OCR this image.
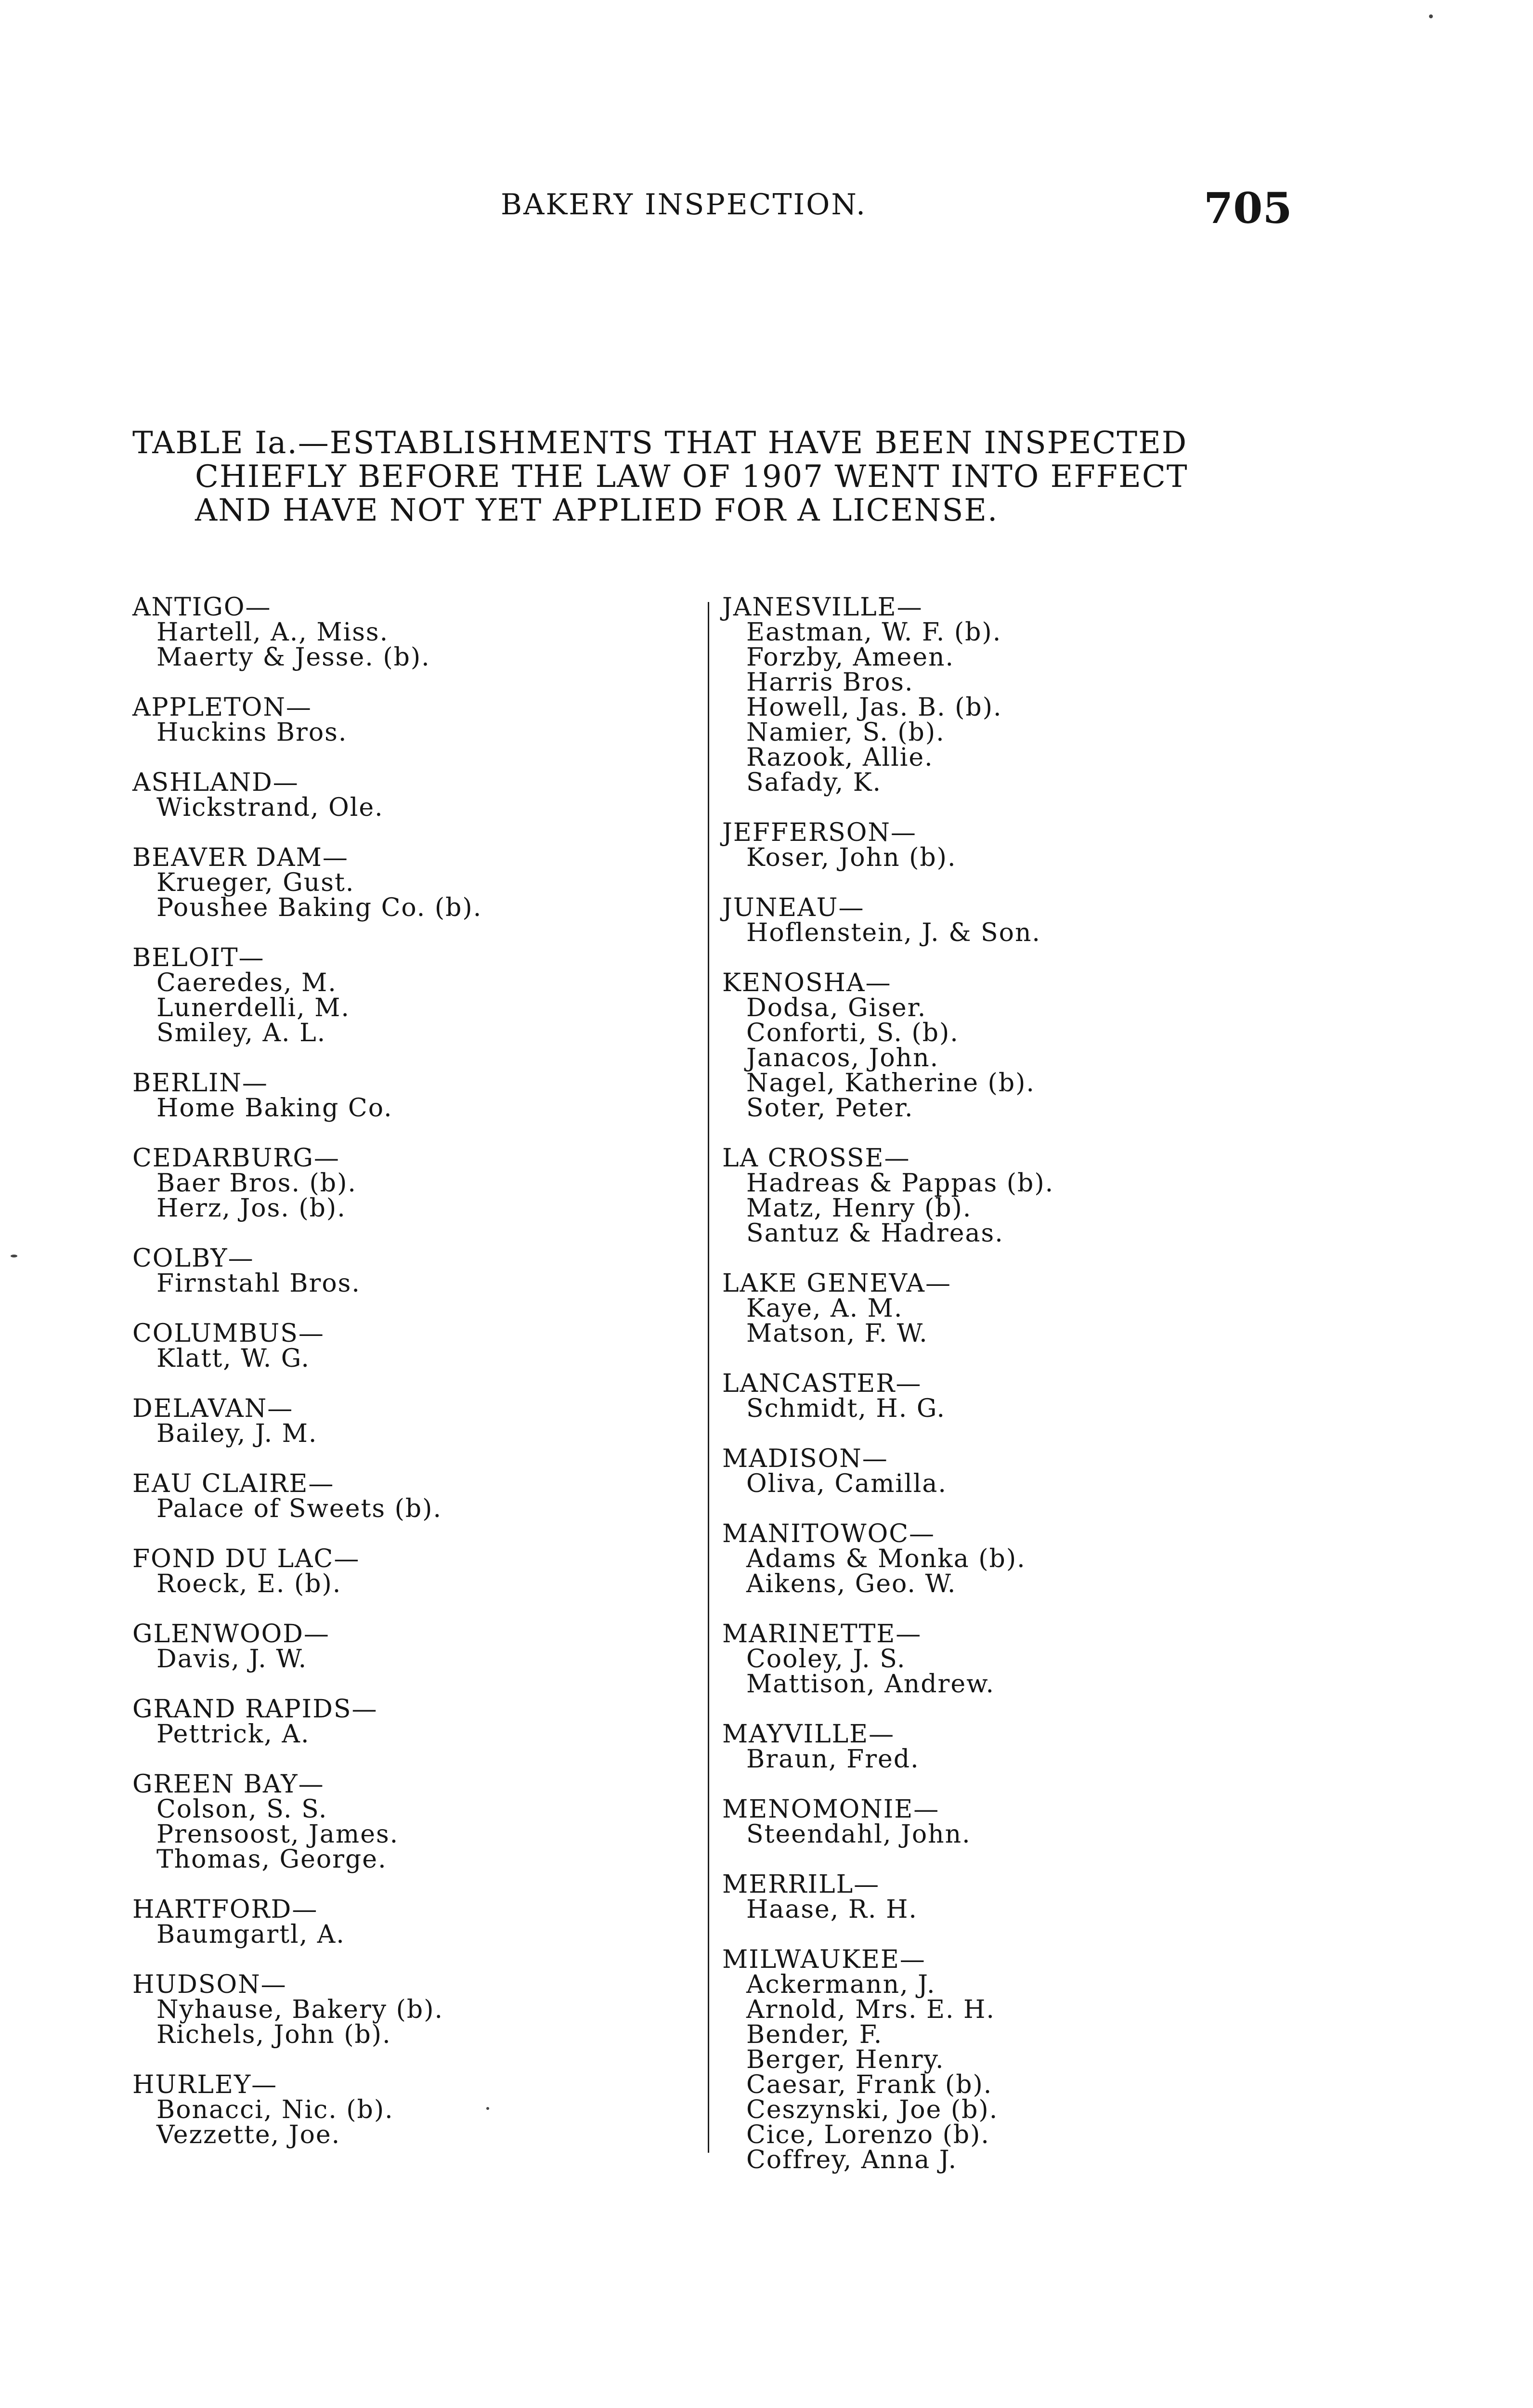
BAKERY INSPECTION.	705
TABLE Ia.—ESTABLISHMENTS THAT HAVE BEEN INSPECTED
CHIEFLY BEFORE THE LAW OF 1907 WENT INTO EFFECT
AND HAVE NOT YET APPLIED FOR A LICENSE.
ANTIGO—
Hartell, A., Miss.
Maerty & Jesse. (b).
APPLETON—
Huckins Bros.
ASHLAND—
Wickstrand, Ole.
BEAVER DAM—
Krueger, Gust.
Poushee Baking Co. (b).
BELOIT—
Caeredes, M.
Lunerdelli, M.
Smiley, A. L.
BERLIN—
Home Baking Co.
CEDARBURG—
Baer Bros. (b).
Herz, Jos. (b).
COLBY—
Firnstahl Bros.
COLUMBUS—
Klatt, W. G.
DELAVAN—
Bailey, J. M.
EAU CLAIRE—
Palace of Sweets (b).
FOND DU LAC—
Roeck, E. (b).
GLENWOOD—
Davis, J. W.
GRAND RAPIDS—
Pettrick, A.
GREEN BAY—
Colson, S. S.
Prensoost, James.
Thomas, George.
HARTFORD—
Baumgartl, A.
HUDSON—
Nyhause, Bakery (b).
Richels, John (b).
HURLEY—
Bonacci, Nic. (b).
Vezzette, Joe.
JANESVILLE—
Eastman, W. F. (b).
Forzby, Ameen.
Harris Bros.
Howell, Jas. B. (b).
Namier, S. (b).
Razook, Allie.
Safady, K.
JEFFERSON—
Koser, John (b).
JUNEAU—
Hoflenstein, J. & Son.
KENOSHA—
Dodsa, Giser.
Conforti, S. (b).
Janacos, John.
Nagel, Katherine (b).
Soter, Peter.
LA CROSSE—
Hadreas & Pappas (b).
Matz, Henry (b).
Santuz & Hadreas.
LAKE GENEVA—
Kaye, A. M.
Matson, F. W.
LANCASTER—
Schmidt, H. G.
MADISON—
Oliva, Camilla.
MANITOWOC—
Adams & Monka (b).
Aikens, Geo. W.
MARINETTE—
Cooley, J. S.
Mattison, Andrew.
MAYVILLE—
Braun, Fred.
MENOMONIE—
Steendahl, John.
MERRILL—
Haase, R. H.
MILWAUKEE—
Ackermann, J.
Arnold, Mrs. E. H.
Bender, F.
Berger, Henry.
Caesar, Frank (b).
Ceszynski, Joe (b).
Cice, Lorenzo (b).
Coffrey, Anna J.
